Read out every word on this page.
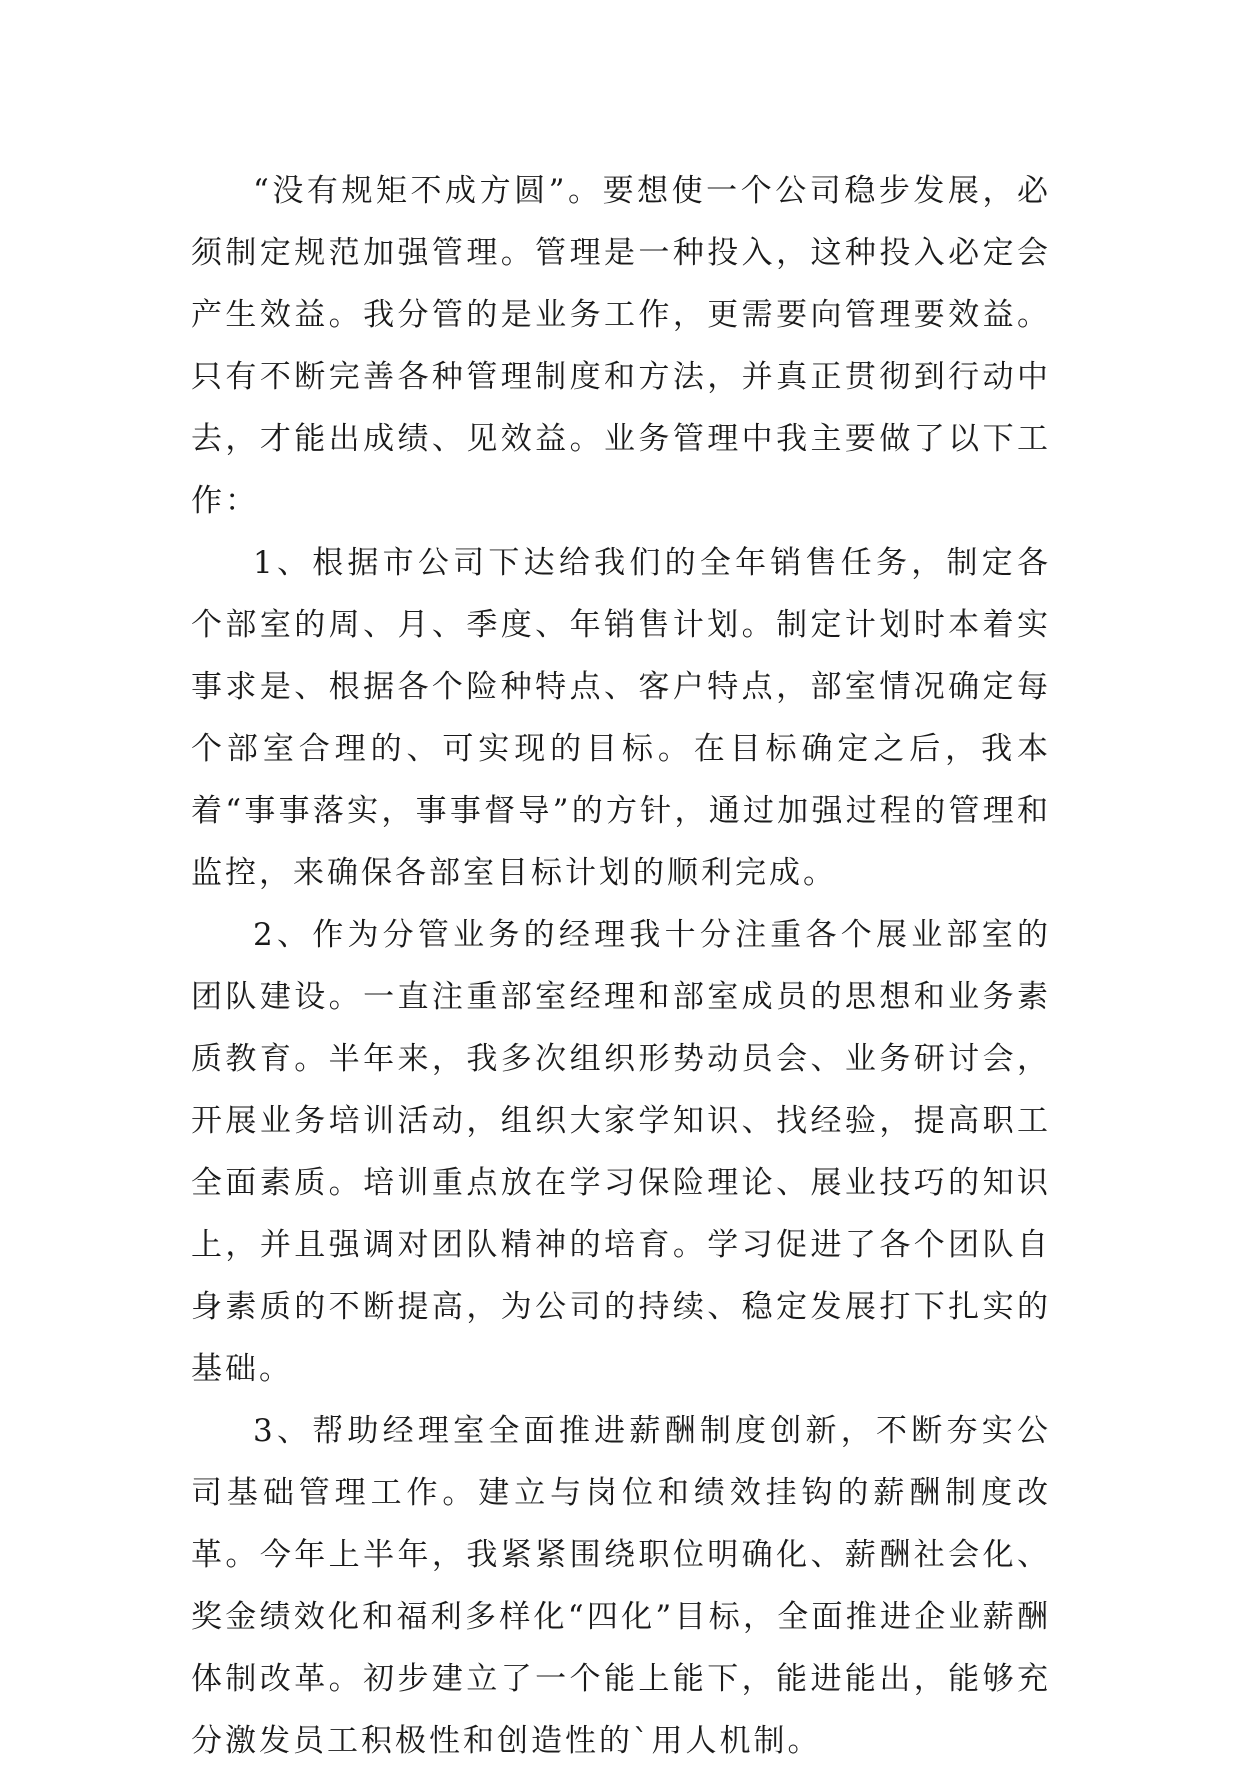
“没有规矩不成方圆”。要想使一个公司稳步发展，必须制定规范加强管理。管理是一种投入，这种投入必定会产生效益。我分管的是业务工作，更需要向管理要效益。只有不断完善各种管理制度和方法，并真正贯彻到行动中去，才能出成绩、见效益。业务管理中我主要做了以下工作：

1、根据市公司下达给我们的全年销售任务，制定各个部室的周、月、季度、年销售计划。制定计划时本着实事求是、根据各个险种特点、客户特点，部室情况确定每个部室合理的、可实现的目标。在目标确定之后，我本着“事事落实，事事督导”的方针，通过加强过程的管理和监控，来确保各部室目标计划的顺利完成。

2、作为分管业务的经理我十分注重各个展业部室的团队建设。一直注重部室经理和部室成员的思想和业务素质教育。半年来，我多次组织形势动员会、业务研讨会，开展业务培训活动，组织大家学知识、找经验，提高职工全面素质。培训重点放在学习保险理论、展业技巧的知识上，并且强调对团队精神的培育。学习促进了各个团队自身素质的不断提高，为公司的持续、稳定发展打下扎实的基础。

3、帮助经理室全面推进薪酬制度创新，不断夯实公司基础管理工作。建立与岗位和绩效挂钩的薪酬制度改革。今年上半年，我紧紧围绕职位明确化、薪酬社会化、奖金绩效化和福利多样化“四化”目标，全面推进企业薪酬体制改革。初步建立了一个能上能下，能进能出，能够充分激发员工积极性和创造性的`用人机制。
